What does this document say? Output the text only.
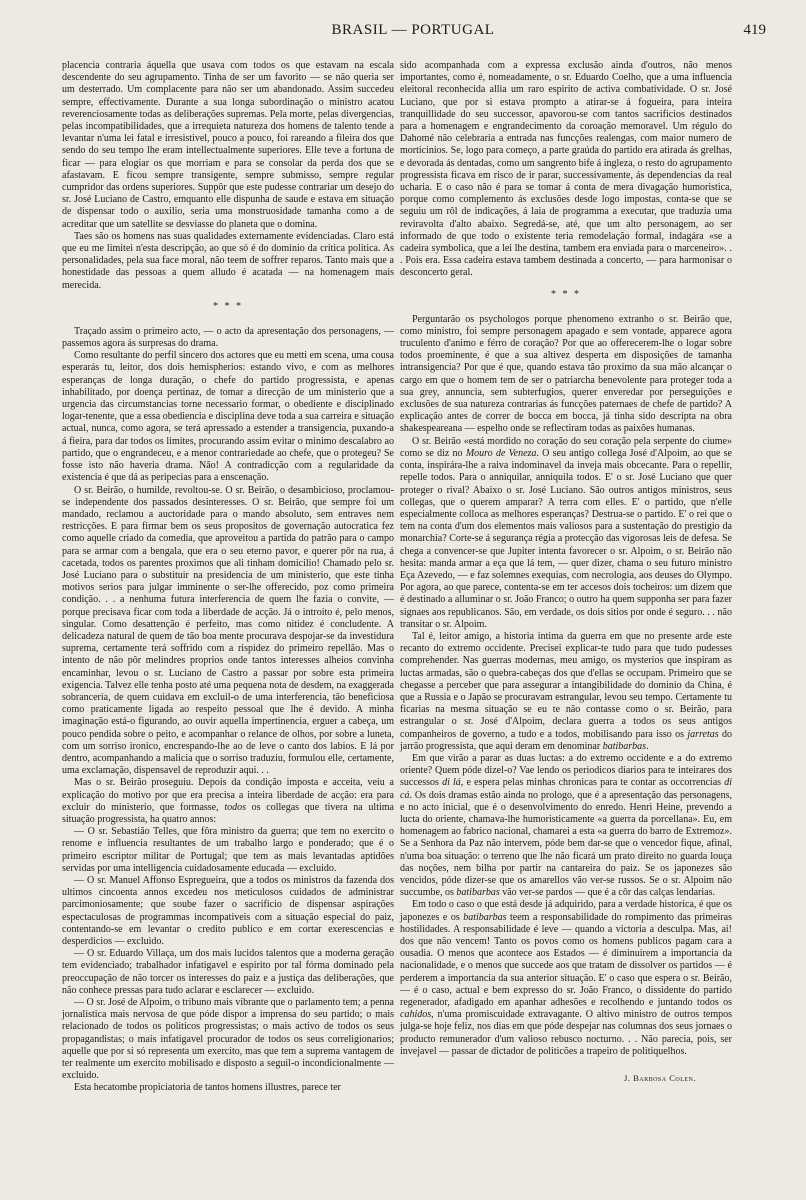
BRASIL — PORTUGAL	419

placencia contraria áquella que usava com todos os que estavam na escala descendente do seu agrupamento. Tinha de ser um favorito — se não queria ser um desterrado. Um complacente para não ser um abandonado. Assim succedeu sempre, effectivamente. Durante a sua longa subordinação o ministro acatou reverenciosamente todas as deliberações supremas. Pela morte, pelas divergencias, pelas incompatibilidades, que a irrequieta natureza dos homens de talento tende a levantar n'uma lei fatal e irresistivel, pouco a pouco, foi rareando a fileira dos que sendo do seu tempo lhe eram intellectualmente superiores. Elle teve a fortuna de ficar — para elogiar os que morriam e para se consolar da perda dos que se afastavam. E ficou sempre transigente, sempre submisso, sempre regular cumpridor das ordens superiores. Suppôr que este pudesse contrariar um desejo do sr. José Luciano de Castro, emquanto elle dispunha de saude e estava em situação de dispensar todo o auxilio, seria uma monstruosidade tamanha como a de acreditar que um satellite se desviasse do planeta que o domina.

Taes são os homens nas suas qualidades externamente evidenciadas. Claro está que eu me limitei n'esta descripção, ao que só é do dominio da critica politica. As personalidades, pela sua face moral, não teem de soffrer reparos. Tanto mais que a honestidade das pessoas a quem alludo é acatada — na homenagem mais merecida.

* * *

Traçado assim o primeiro acto, — o acto da apresentação dos personagens, — passemos agora ás surpresas do drama.

Como resultante do perfil sincero dos actores que eu metti em scena, uma cousa esperarás tu, leitor, dos dois hemispherios: estando vivo, e com as melhores esperanças de longa duração, o chefe do partido progressista, e apenas inhabilitado, por doença pertinaz, de tomar a direcção de um ministerio que a urgencia das circumstancias torne necessario formar, o obediente e disciplinado logar-tenente, que a essa obediencia e disciplina deve toda a sua carreira e situação actual, nunca, como agora, se terá apressado a estender a transigencia, puxando-a á fieira, para dar todos os limites, procurando assim evitar o minimo descalabro ao partido, que o engrandeceu, e a menor contrariedade ao chefe, que o protegeu? Se fosse isto não haveria drama. Não! A contradicção com a regularidade da existencia é que dá as peripecias para a enscenação.

O sr. Beirão, o humilde, revoltou-se. O sr. Beirão, o desambicioso, proclamou-se independente dos passados desinteresses. O sr. Beirão, que sempre foi um mandado, reclamou a auctoridade para o mando absoluto, sem entraves nem restricções. E para firmar bem os seus propositos de governação autocratica fez como aquelle criado da comedia, que aproveitou a partida do patrão para o campo para se armar com a bengala, que era o seu eterno pavor, e querer pôr na rua, á cacetada, todos os parentes proximos que ali tinham domicilio! Chamado pelo sr. José Luciano para o substituir na presidencia de um ministerio, que este tinha motivos serios para julgar imminente o ser-lhe offerecido, poz como primeira condição. . . a nenhuma futura interferencia de quem lhe fazia o convite, — porque precisava ficar com toda a liberdade de acção. Já o introito é, pelo menos, singular. Como desattenção é perfeito, mas como nitidez é concludente. A delicadeza natural de quem de tão boa mente procurava despojar-se da investidura suprema, certamente terá soffrido com a rispidez do primeiro repellão. Mas o intento de não pôr melindres proprios onde tantos interesses alheios convinha encaminhar, levou o sr. Luciano de Castro a passar por sobre esta primeira exigencia. Talvez elle tenha posto até uma pequena nota de desdem, na exaggerada sobranceria, de quem cuidava em excluil-o de uma interferencia, tão beneficiosa como praticamente ligada ao respeito pessoal que lhe é devido. A minha imaginação está-o figurando, ao ouvir aquella impertinencia, erguer a cabeça, um pouco pendida sobre o peito, e acompanhar o relance de olhos, por sobre a luneta, com um sorriso ironico, encrespando-lhe ao de leve o canto dos labios. E lá por dentro, acompanhando a malicia que o sorriso traduziu, formulou elle, certamente, uma exclamação, dispensavel de reproduzir aqui. . .

Mas o sr. Beirão proseguiu. Depois da condição imposta e acceita, veiu a explicação do motivo por que era precisa a inteira liberdade de acção: era para excluir do ministerio, que formasse, todos os collegas que tivera na ultima situação progressista, ha quatro annos:

— O sr. Sebastião Telles, que fôra ministro da guerra; que tem no exercito o renome e influencia resultantes de um trabalho largo e ponderado; que é o primeiro escriptor militar de Portugal; que tem as mais levantadas aptidões servidas por uma intelligencia cuidadosamente educada — excluido.

— O sr. Manuel Affonso Espregueira, que a todos os ministros da fazenda dos ultimos cincoenta annos excedeu nos meticulosos cuidados de administrar parcimoniosamente; que soube fazer o sacrificio de dispensar aspirações espectaculosas de programmas incompativeis com a situação especial do paiz, contentando-se em levantar o credito publico e em cortar exerescencias e desperdicios — excluido.

— O sr. Eduardo Villaça, um dos mais lucidos talentos que a moderna geração tem evidenciado; trabalhador infatigavel e espirito por tal fórma dominado pela preoccupação de não torcer os interesses do paiz e a justiça das deliberações, que não conhece pressas para tudo aclarar e esclarecer — excluido.

— O sr. José de Alpoim, o tribuno mais vibrante que o parlamento tem; a penna jornalistica mais nervosa de que póde dispor a imprensa do seu partido; o mais relacionado de todos os politicos progressistas; o mais activo de todos os seus propagandistas; o mais infatigavel procurador de todos os seus correligionarios; aquelle que por si só representa um exercito, mas que tem a suprema vantagem de ter realmente um exercito mobilisado e disposto a seguil-o incondicionalmente — excluido.

Esta hecatombe propiciatoria de tantos homens illustres, parece ter

sido acompanhada com a expressa exclusão ainda d'outros, não menos importantes, como é, nomeadamente, o sr. Eduardo Coelho, que a uma influencia eleitoral reconhecida allia um raro espirito de activa combatividade. O sr. José Luciano, que por si estava prompto a atirar-se á fogueira, para inteira tranquillidade do seu successor, apavorou-se com tantos sacrificios destinados para a homenagem e engrandecimento da coroação memoravel. Um régulo do Dahomé não celebraria a entrada nas funcções realengas, com maior numero de morticinios. Se, logo para começo, a parte graúda do partido era atirada ás grelhas, e devorada ás dentadas, como um sangrento bife á ingleza, o resto do agrupamento progressista ficava em risco de ir parar, successivamente, ás dependencias da real ucharia. E o caso não é para se tomar á conta de mera divagação humoristica, porque como complemento ás exclusões desde logo impostas, conta-se que se seguiu um rôl de indicações, á laia de programma a executar, que traduzia uma reviravolta d'alto abaixo. Segredá-se, até, que um alto personagem, ao ser informado de que todo o existente teria remodelação formal, indagára «se a cadeira symbolica, que a lei lhe destina, tambem era enviada para o marceneiro». . . Pois era. Essa cadeira estava tambem destinada a concerto, — para harmonisar o desconcerto geral.

* * *

Perguntarão os psychologos porque phenomeno extranho o sr. Beirão que, como ministro, foi sempre personagem apagado e sem vontade, apparece agora truculento d'animo e férro de coração? Por que ao offerecerem-lhe o logar sobre todos proeminente, é que a sua altivez desperta em disposições de tamanha intransigencia? Por que é que, quando estava tão proximo da sua mão alcançar o cargo em que o homem tem de ser o patriarcha benevolente para proteger toda a sua grey, annuncia, sem subterfugios, querer enveredar por perseguições e exclusões de sua natureza contrarias ás funcções paternaes de chefe de partido? A explicação antes de correr de bocca em bocca, já tinha sido descripta na obra shakespeareana — espelho onde se reflectiram todas as paixões humanas.

O sr. Beirão «está mordido no coração do seu coração pela serpente do ciume» como se diz no Mouro de Veneza. O seu antigo collega José d'Alpoim, ao que se conta, inspirára-lhe a raiva indominavel da inveja mais obcecante. Para o repellir, repelle todos. Para o anniquilar, anniquila todos. E' o sr. José Luciano que quer proteger o rival? Abaixo o sr. José Luciano. São outros antigos ministros, seus collegas, que o querem amparar? A terra com elles. E' o partido, que n'elle especialmente colloca as melhores esperanças? Destrua-se o partido. E' o rei que o tem na conta d'um dos elementos mais valiosos para a sustentação do prestigio da monarchia? Corte-se á segurança régia a protecção das vigorosas leis de defesa. Se chega a convencer-se que Jupiter intenta favorecer o sr. Alpoim, o sr. Beirão não hesita: manda armar a eça que lá tem, — quer dizer, chama o seu futuro ministro Eça Azevedo, — e faz solemnes exequias, com necrologia, aos deuses do Olympo. Por agora, ao que parece, contenta-se em ter accesos dois tocheiros: um dizem que é destinado a alluminar o sr. João Franco; o outro ha quem supponha ser para fazer signaes aos republicanos. São, em verdade, os dois sitios por onde é seguro. . . não transitar o sr. Alpoim.

Tal é, leitor amigo, a historia intima da guerra em que no presente arde este recanto do extremo occidente. Precisei explicar-te tudo para que tudo pudesses comprehender. Nas guerras modernas, meu amigo, os mysterios que inspiram as luctas armadas, são o quebra-cabeças dos que d'ellas se occupam. Primeiro que se chegasse a perceber que para assegurar a intangibilidade do dominio da China, é que a Russia e o Japão se procuravam estrangular, levou seu tempo. Certamente tu ficarias na mesma situação se eu te não contasse como o sr. Beirão, para estrangular o sr. José d'Alpoim, declara guerra a todos os seus antigos companheiros de governo, a tudo e a todos, mobilisando para isso os jarretas do jarrão progressista, que aqui deram em denominar batibarbas.

Em que virão a parar as duas luctas: a do extremo occidente e a do extremo oriente? Quem póde dizel-o? Vae lendo os periodicos diarios para te inteirares dos successos di lá, e espera pelas minhas chronicas para te contar as occorrencias di cá. Os dois dramas estão ainda no prologo, que é a apresentação das personagens, e no acto inicial, que é o desenvolvimento do enredo. Henri Heine, prevendo a lucta do oriente, chamava-lhe humoristicamente «a guerra da porcellana». Eu, em homenagem ao fabrico nacional, chamarei a esta «a guerra do barro de Extremoz». Se a Senhora da Paz não intervem, póde bem dar-se que o vencedor fique, afinal, n'uma boa situação: o terreno que lhe não ficará um prato direito no guarda louça das noções, nem bilha por partir na cantareira do paiz. Se os japonezes são vencidos, póde dizer-se que os amarellos vão ver-se russos. Se o sr. Alpoim não succumbe, os batibarbas vão ver-se pardos — que é a côr das calças lendarias.

Em todo o caso o que está desde já adquirido, para a verdade historica, é que os japonezes e os batibarbas teem a responsabilidade do rompimento das primeiras hostilidades. A responsabilidade é leve — quando a victoria a desculpa. Mas, ai! dos que não vencem! Tanto os povos como os homens publicos pagam cara a ousadia. O menos que acontece aos Estados — é diminuirem a importancia da nacionalidade, e o menos que succede aos que tratam de dissolver os partidos — é perderem a importancia da sua anterior situação. E' o caso que espera o sr. Beirão, — é o caso, actual e bem expresso do sr. João Franco, o dissidente do partido regenerador, afadigado em apanhar adhesões e recolhendo e juntando todos os cahidos, n'uma promiscuidade extravagante. O altivo ministro de outros tempos julga-se hoje feliz, nos dias em que póde despejar nas columnas dos seus jornaes o producto remunerador d'um valioso rebusco nocturno. . . Não parecia, pois, ser invejavel — passar de dictador de politicões a trapeiro de politiquelhos.

J. Barbosa Colen.
